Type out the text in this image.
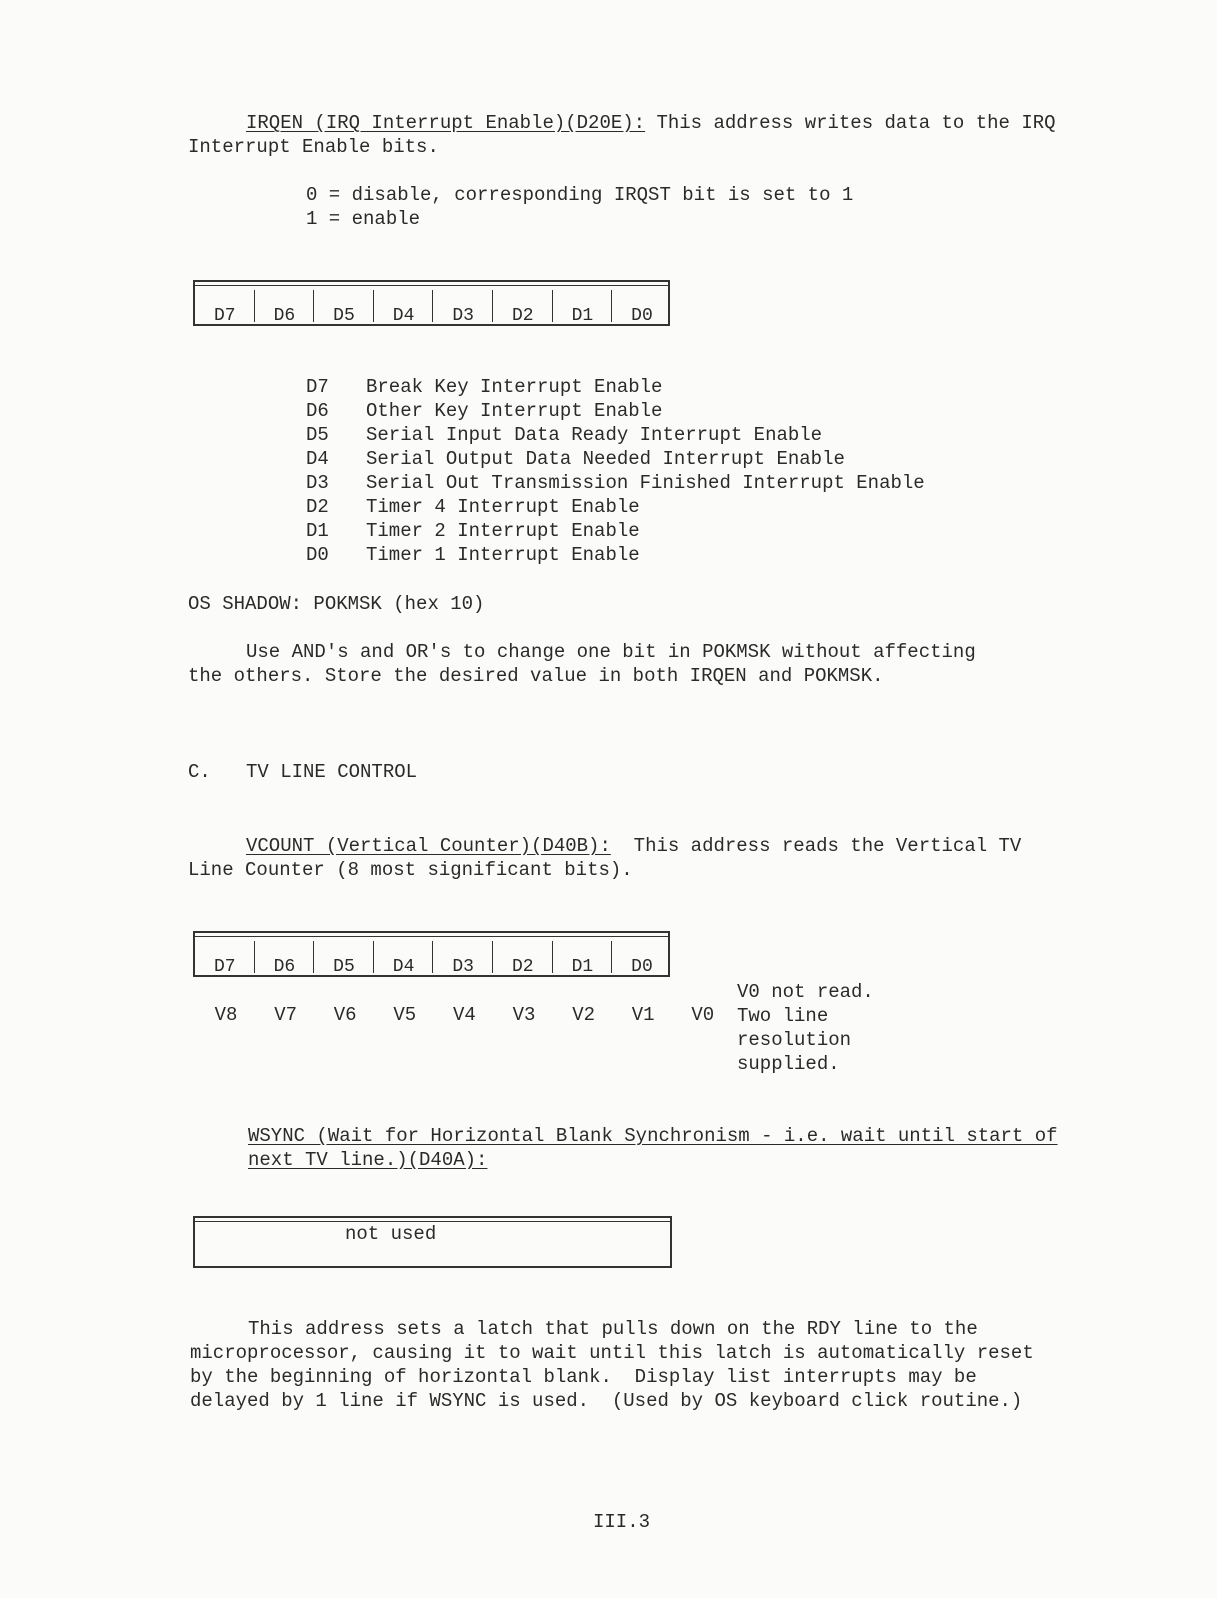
IRQEN (IRQ Interrupt Enable)(D20E): This address writes data to the IRQ
Interrupt Enable bits.
0 = disable, corresponding IRQST bit is set to 1
1 = enable
D7	D6	D5	D4	D3	D2	D1	D0
D7 Break Key Interrupt Enable
D6 Other Key Interrupt Enable
D5 Serial Input Data Ready Interrupt Enable
D4 Serial Output Data Needed Interrupt Enable
D3 Serial Out Transmission Finished Interrupt Enable
D2 Timer 4 Interrupt Enable
D1 Timer 2 Interrupt Enable
D0 Timer 1 Interrupt Enable
OS SHADOW: POKMSK (hex 10)
Use AND's and OR's to change one bit in POKMSK without affecting
the others. Store the desired value in both IRQEN and POKMSK.
C. TV LINE CONTROL
VCOUNT (Vertical Counter)(D40B):  This address reads the Vertical TV
Line Counter (8 most significant bits).
D7	D6	D5	D4	D3	D2	D1	D0
V8	V7	V6	V5	V4	V3	V2	V1	V0
V0 not read.
Two line
resolution
supplied.
WSYNC (Wait for Horizontal Blank Synchronism - i.e. wait until start of
next TV line.)(D40A):
not used
This address sets a latch that pulls down on the RDY line to the
microprocessor, causing it to wait until this latch is automatically reset
by the beginning of horizontal blank.  Display list interrupts may be
delayed by 1 line if WSYNC is used.  (Used by OS keyboard click routine.)
III.3
